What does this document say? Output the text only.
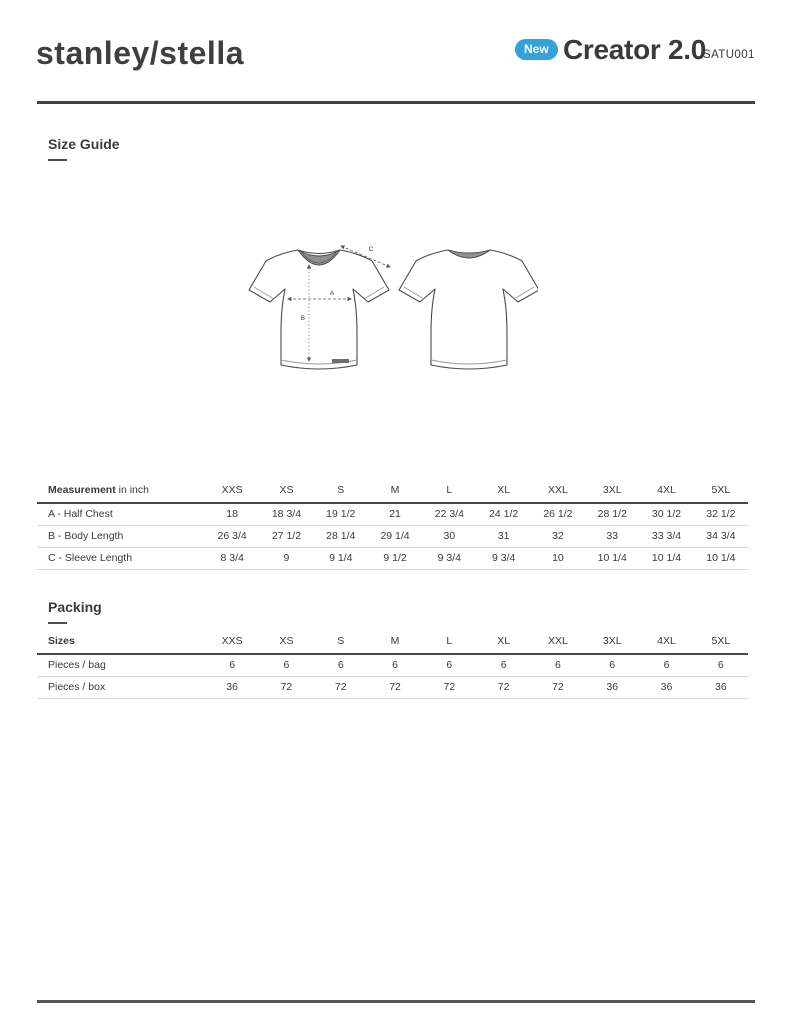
stanley/stella	New Creator 2.0
SATU001
Size Guide
A
B
C
Measurement in inch	XXS	XS	S	M	L	XL	XXL	3XL	4XL	5XL
A - Half Chest	18	18 3/4	19 1/2	21	22 3/4	24 1/2	26 1/2	28 1/2	30 1/2	32 1/2
B - Body Length	26 3/4	27 1/2	28 1/4	29 1/4	30	31	32	33	33 3/4	34 3/4
C - Sleeve Length	8 3/4	9	9 1/4	9 1/2	9 3/4	9 3/4	10	10 1/4	10 1/4	10 1/4
Packing
Sizes	XXS	XS	S	M	L	XL	XXL	3XL	4XL	5XL
Pieces / bag	6	6	6	6	6	6	6	6	6	6
Pieces / box	36	72	72	72	72	72	72	36	36	36
